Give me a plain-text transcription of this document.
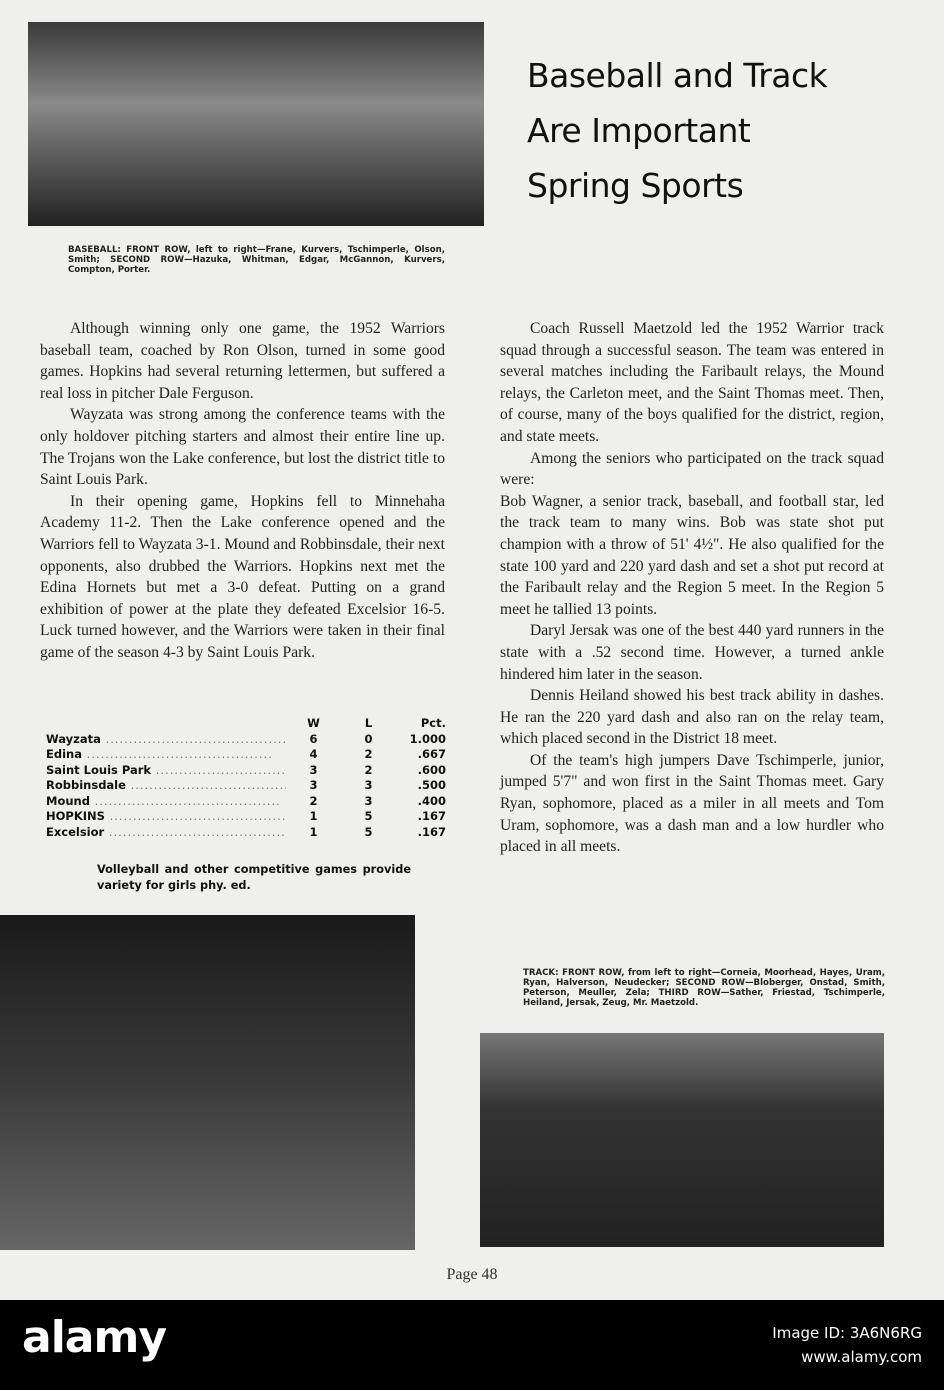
Baseball and Track
Are Important
Spring Sports
BASEBALL: FRONT ROW, left to right—Frane, Kurvers, Tschimperle, Olson, Smith; SECOND ROW—Hazuka, Whitman, Edgar, McGannon, Kurvers, Compton, Porter.

Although winning only one game, the 1952 Warriors baseball team, coached by Ron Olson, turned in some good games. Hopkins had several returning lettermen, but suffered a real loss in pitcher Dale Ferguson.

Wayzata was strong among the conference teams with the only holdover pitching starters and almost their entire line up. The Trojans won the Lake conference, but lost the district title to Saint Louis Park.

In their opening game, Hopkins fell to Minnehaha Academy 11-2. Then the Lake conference opened and the Warriors fell to Wayzata 3-1. Mound and Robbinsdale, their next opponents, also drubbed the Warriors. Hopkins next met the Edina Hornets but met a 3-0 defeat. Putting on a grand exhibition of power at the plate they defeated Excelsior 16-5. Luck turned however, and the Warriors were taken in their final game of the season 4-3 by Saint Louis Park.

W	L	Pct.
Wayzata .....	6	0	1.000
Edina .....	4	2	.667
Saint Louis Park .....	3	2	.600
Robbinsdale .....	3	3	.500
Mound .....	2	3	.400
HOPKINS .....	1	5	.167
Excelsior .....	1	5	.167
Volleyball and other competitive games provide variety for girls phy. ed.

Coach Russell Maetzold led the 1952 Warrior track squad through a successful season. The team was entered in several matches including the Faribault relays, the Mound relays, the Carleton meet, and the Saint Thomas meet. Then, of course, many of the boys qualified for the district, region, and state meets.

Among the seniors who participated on the track squad were:

Bob Wagner, a senior track, baseball, and football star, led the track team to many wins. Bob was state shot put champion with a throw of 51' 4½". He also qualified for the state 100 yard and 220 yard dash and set a shot put record at the Faribault relay and the Region 5 meet. In the Region 5 meet he tallied 13 points.

Daryl Jersak was one of the best 440 yard runners in the state with a .52 second time. However, a turned ankle hindered him later in the season.

Dennis Heiland showed his best track ability in dashes. He ran the 220 yard dash and also ran on the relay team, which placed second in the District 18 meet.

Of the team's high jumpers Dave Tschimperle, junior, jumped 5'7" and won first in the Saint Thomas meet. Gary Ryan, sophomore, placed as a miler in all meets and Tom Uram, sophomore, was a dash man and a low hurdler who placed in all meets.

TRACK: FRONT ROW, from left to right—Corneia, Moorhead, Hayes, Uram, Ryan, Halverson, Neudecker; SECOND ROW—Bloberger, Onstad, Smith, Peterson, Meuller, Zela; THIRD ROW—Sather, Friestad, Tschimperle, Heiland, Jersak, Zeug, Mr. Maetzold.
Page 48
alamy	Image ID: 3A6N6RG
www.alamy.com
